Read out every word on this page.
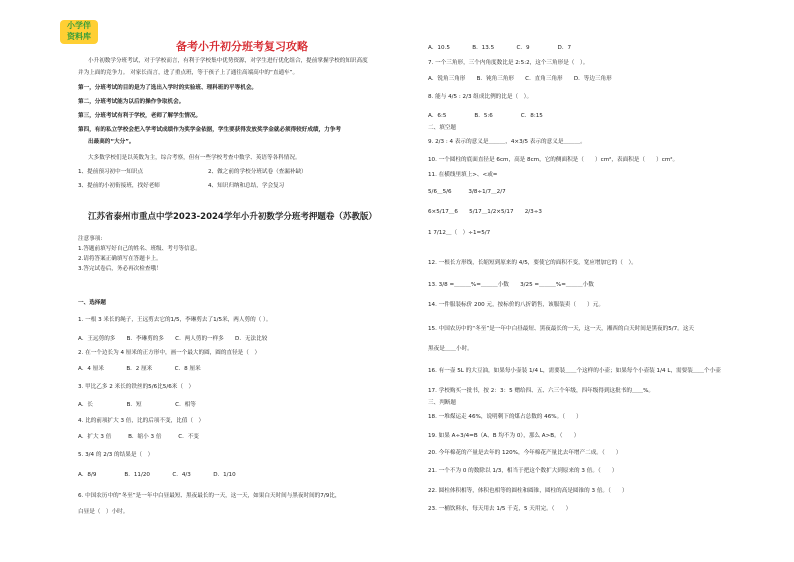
小学伴
资料库
备考小升初分班考复习攻略
小升初数学分班考试，对于学校而言，有利于学校集中优势资源，对学生进行优化组合，提前掌握学校的知识高度
并为上面的竞争力。 对家长而言，进了重点班，等于孩子上了通往高端高中的“直通车”。
第一，分班考试的目的是为了选出入学时的实验班、理科班的平等机会。
第二，分班考试能为以后的操作争取机会。
第三，分班考试有利于学校，老师了解学生情况。
第四，有的私立学校会把入学考试成绩作为奖学金依据，学生要获得发放奖学金就必须得较好成绩，力争考
出最高的“大分”。
大多数学校们是以英数为主，综合考察，但有一些学校考查中数学、英语等各科情况。
1、提前预习初中一知识点	2、做之前的学校分班试卷（查漏补缺）
3、提前的小初衔接班，找好老师	4、知识归纳和总结，学会复习
江苏省泰州市重点中学2023-2024学年小升初数学分班考押题卷（苏教版）
注意事项:
1.答题前填写好自己的姓名、班级、考号等信息。
2.请将答案正确填写在答题卡上。
3.答完试卷后，务必再次检查哦！
一、选择题
1. 一根 3 米长的绳子，王远剪去它的1/5，李琳剪去了1/5米，两人剪的（ ）。
A．王远剪的多　　B．李琳剪的多　　C．两人剪的一样多　　D．无法比较
2. 在一个边长为 4 厘米的正方形中，画一个最大的圆，圆的直径是（　）
A．4 厘米　　　　B．2 厘米　　　　C．8 厘米
3. 甲比乙多 2 米长的铁丝的5/6比5/6米（　）
A．长　　　　　　B．短　　　　　　C．相等
4. 比的前项扩大 3 倍，比的后项不变，比值（　）
A．扩大 3 倍　　　B．缩小 3 倍　　　C．不变
5. 3/4 的 2/3 的结果是（　）
A．8/9　　　　　B．11/20　　　　C．4/3　　　　D．1/10
6. 中国农历中的“冬至”是一年中白昼最短、黑夜最长的一天，这一天，如果白天时间与黑夜时间的7/9比，
白昼是（　）小时。
A．10.5　　　　B．13.5　　　　C．9　　　　　D．7
7. 一个三角形，三个内角度数比是 2:5:2，这个三角形是（　）。
A．锐角三角形　　B．钝角三角形　　C．直角三角形　　D．等边三角形
8. 能与 4/5 : 2/3 组成比例的比是（　）。
A．6:5　　　　　B．5:6　　　　　C．8:15
二、填空题
9. 2/3 : 4 表示的意义是＿＿＿，4×3/5 表示的意义是＿＿＿。
10. 一个圆柱的底面直径是 6cm，高是 8cm，它的侧面积是（　　）cm²，表面积是（　　）cm²。
11. 在横线里填上>、<或=
5/6＿5/6　　　3/8÷1/7＿2/7
6×5/17＿6　　5/17＿1/2×5/17　　2/3÷3
1 7/12＿（　）÷1=5/7
12. 一根长方形线，长缩短到原来的 4/5，要使它的面积不变，宽应增加它的（　）。
13. 3/8 =＿＿＿%=＿＿＿小数　　3/25 =＿＿＿%=＿＿＿小数
14. 一件服装标价 200 元，按标价的八折销售，该服装卖（　　）元。
15. 中国农历中的“冬至”是一年中白昼最短、黑夜最长的一天，这一天，湘西的白天时间是黑夜的5/7。这天
黑夜是＿＿小时。
16. 有一壶 5L 的大豆油，如果每小壶装 1/4 L，需要装＿＿个这样的小壶；如果每个小壶装 1/4 L，需要装＿＿个小壶
17. 学校购买一批书，按 2：3：5 赠给四、五、六三个年级，四年级得到这批书的＿＿%。
三、判断题
18. 一堆煤运走 46%，说明剩下的煤占总数的 46%。（　　）
19. 如果 A÷3/4=B（A、B 均不为 0），那么 A>B。（　　）
20. 今年棉花的产量是去年的 120%，今年棉花产量比去年增产二成。（　　）
21. 一个不为 0 的数除以 1/3，相当于把这个数扩大到原来的 3 倍。（　　）
22. 圆柱体积相等，体积也相等的圆柱和圆锥，圆柱的高是圆锥的 3 倍。（　　）
23. 一桶饮料水，每天用去 1/5 千克，5 天用完。（　　）
